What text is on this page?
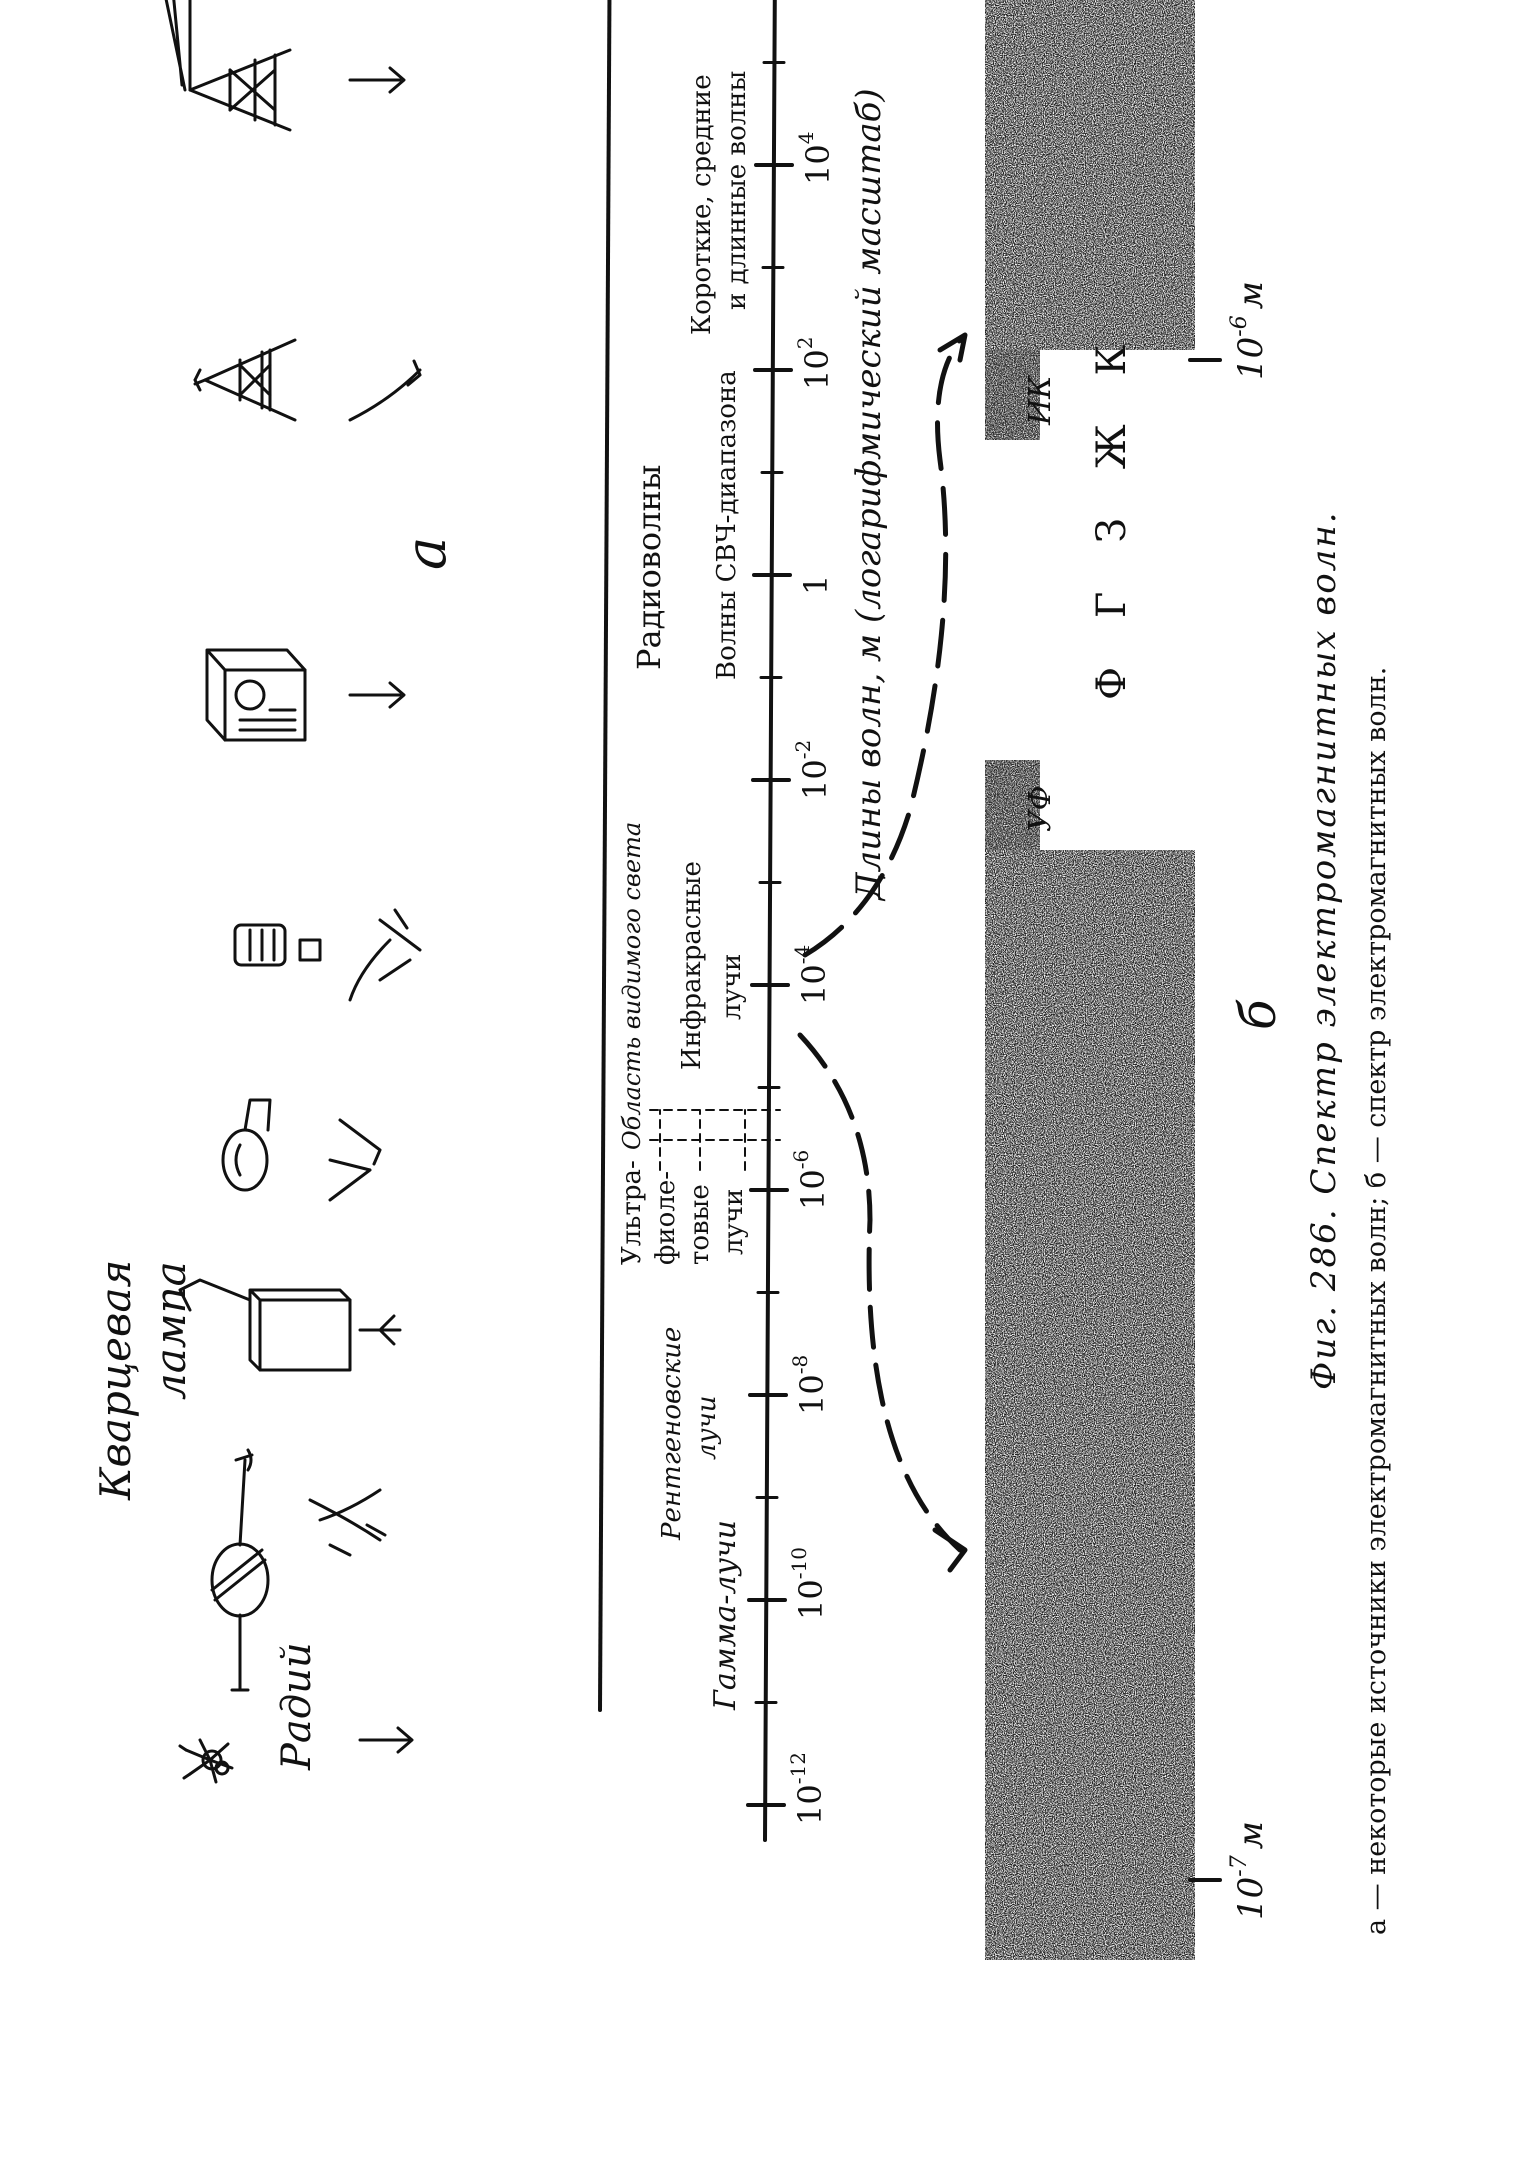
Радий
Кварцевая лампа
Гамма-лучи
Рентгеновские лучи
Ультра- фиоле- товые лучи
Область видимого света Инфракрасные лучи
Волны СВЧ-диапазона
Радиоволны
Короткие, средние и длинные волны
$10^{-12}$
$10^{-10}$
$10^{-8}$
$10^{-6}$
$10^{-4}$
$10^{-2}$
1
$10^2$
$10^4$ Длины волн, м (логарифмический масштаб)
а
УФ
ИК Ф Г З Ж К
$10^{-7}м$
$10^{-6}м$
б Фиг. 286. Спектр электромагнитных волн. а — некоторые источники электромагнитных волн; б — спектр электромагнитных волн.
